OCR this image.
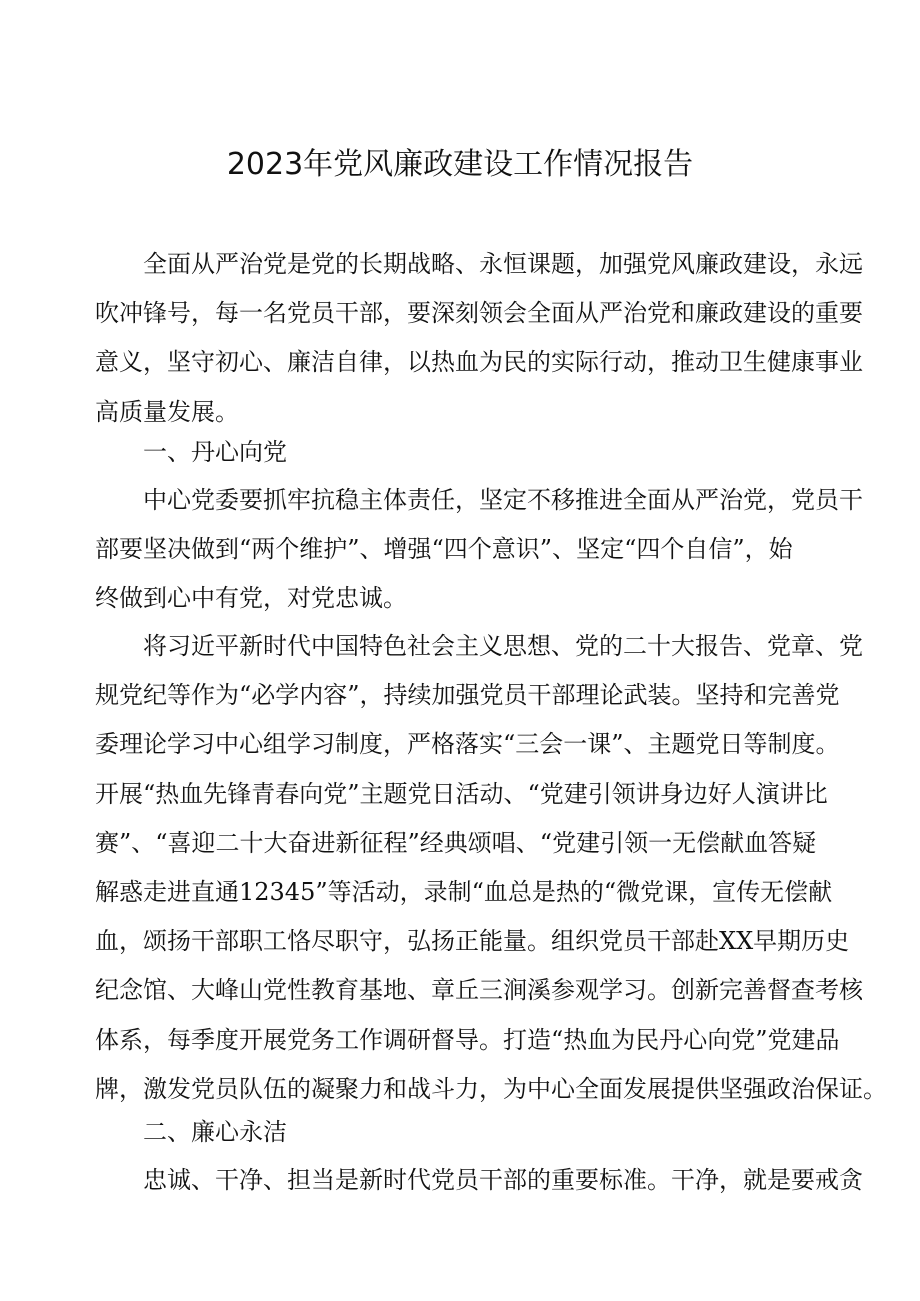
2023年党风廉政建设工作情况报告
全面从严治党是党的长期战略、永恒课题，加强党风廉政建设，永远
吹冲锋号，每一名党员干部，要深刻领会全面从严治党和廉政建设的重要
意义，坚守初心、廉洁自律，以热血为民的实际行动，推动卫生健康事业
高质量发展。
一、丹心向党
中心党委要抓牢抗稳主体责任，坚定不移推进全面从严治党，党员干
部要坚决做到“两个维护”、增强“四个意识”、坚定“四个自信”，始
终做到心中有党，对党忠诚。
将习近平新时代中国特色社会主义思想、党的二十大报告、党章、党
规党纪等作为“必学内容”，持续加强党员干部理论武装。坚持和完善党
委理论学习中心组学习制度，严格落实“三会一课”、主题党日等制度。
开展“热血先锋青春向党”主题党日活动、“党建引领讲身边好人演讲比
赛”、“喜迎二十大奋进新征程”经典颂唱、“党建引领一无偿献血答疑
解惑走进直通12345”等活动，录制“血总是热的“微党课，宣传无偿献
血，颂扬干部职工恪尽职守，弘扬正能量。组织党员干部赴XX早期历史
纪念馆、大峰山党性教育基地、章丘三涧溪参观学习。创新完善督查考核
体系，每季度开展党务工作调研督导。打造“热血为民丹心向党”党建品
牌，激发党员队伍的凝聚力和战斗力，为中心全面发展提供坚强政治保证。
二、廉心永洁
忠诚、干净、担当是新时代党员干部的重要标准。干净，就是要戒贪
